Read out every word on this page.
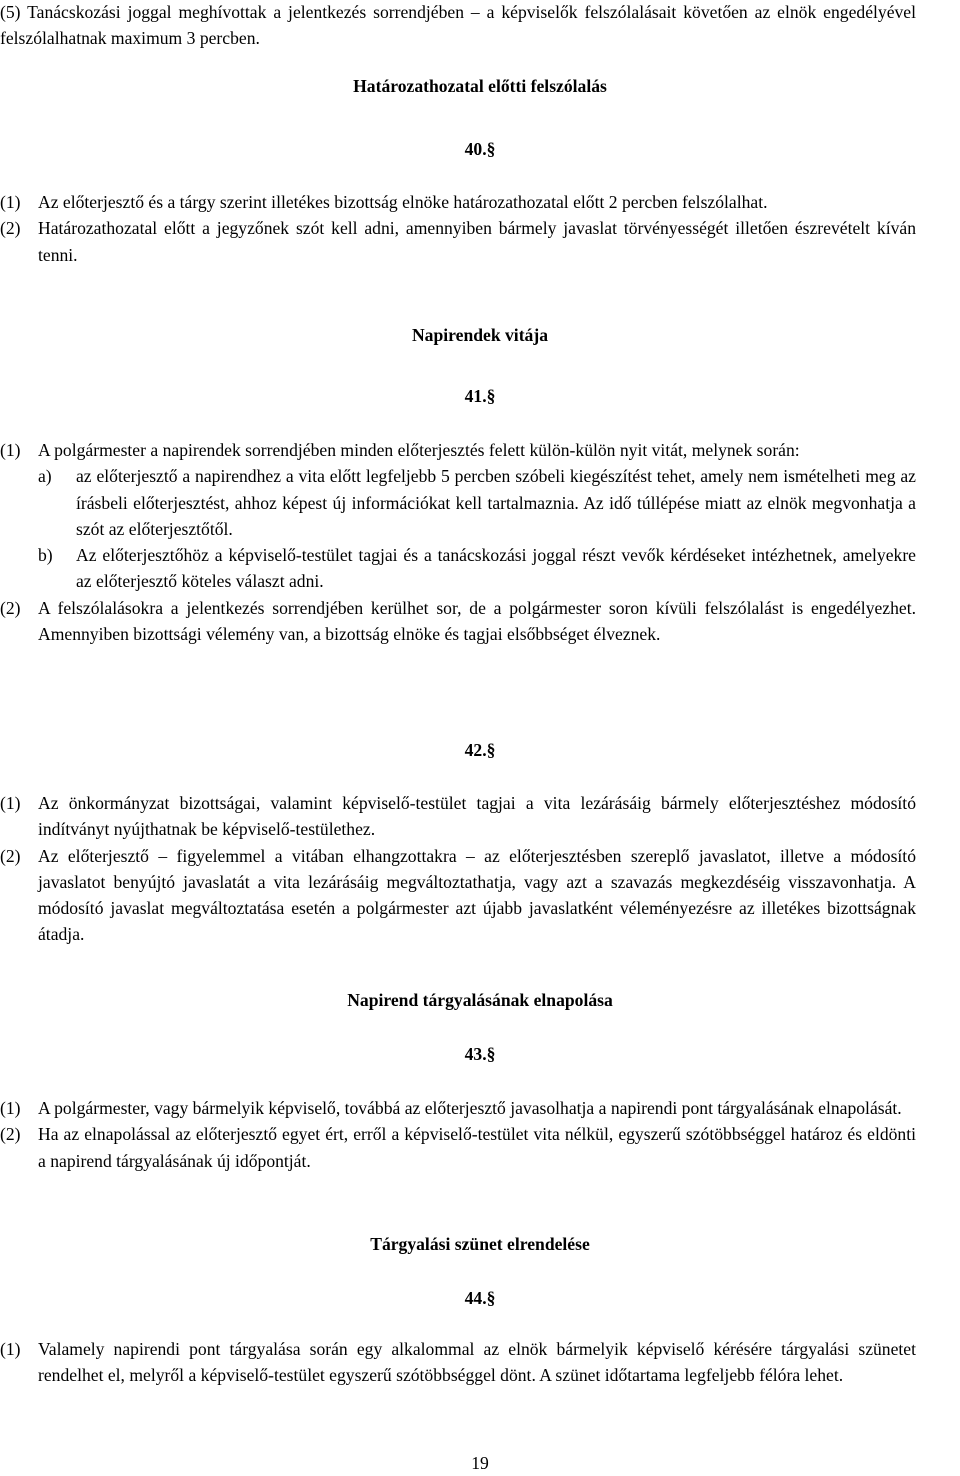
(5) Tanácskozási joggal meghívottak a jelentkezés sorrendjében – a képviselők felszólalásait követően az elnök engedélyével felszólalhatnak maximum 3 percben.

Határozathozatal előtti felszólalás

40.§

(1) Az előterjesztő és a tárgy szerint illetékes bizottság elnöke határozathozatal előtt 2 percben felszólalhat.
(2) Határozathozatal előtt a jegyzőnek szót kell adni, amennyiben bármely javaslat törvényességét illetően észrevételt kíván tenni.

Napirendek vitája

41.§

(1) A polgármester a napirendek sorrendjében minden előterjesztés felett külön-külön nyit vitát, melynek során:
a) az előterjesztő a napirendhez a vita előtt legfeljebb 5 percben szóbeli kiegészítést tehet, amely nem ismételheti meg az írásbeli előterjesztést, ahhoz képest új információkat kell tartalmaznia. Az idő túllépése miatt az elnök megvonhatja a szót az előterjesztőtől.
b) Az előterjesztőhöz a képviselő-testület tagjai és a tanácskozási joggal részt vevők kérdéseket intézhetnek, amelyekre az előterjesztő köteles választ adni.
(2) A felszólalásokra a jelentkezés sorrendjében kerülhet sor, de a polgármester soron kívüli felszólalást is engedélyezhet. Amennyiben bizottsági vélemény van, a bizottság elnöke és tagjai elsőbbséget élveznek.

42.§

(1) Az önkormányzat bizottságai, valamint képviselő-testület tagjai a vita lezárásáig bármely előterjesztéshez módosító indítványt nyújthatnak be képviselő-testülethez.
(2) Az előterjesztő – figyelemmel a vitában elhangzottakra – az előterjesztésben szereplő javaslatot, illetve a módosító javaslatot benyújtó javaslatát a vita lezárásáig megváltoztathatja, vagy azt a szavazás megkezdéséig visszavonhatja. A módosító javaslat megváltoztatása esetén a polgármester azt újabb javaslatként véleményezésre az illetékes bizottságnak átadja.

Napirend tárgyalásának elnapolása

43.§

(1) A polgármester, vagy bármelyik képviselő, továbbá az előterjesztő javasolhatja a napirendi pont tárgyalásának elnapolását.
(2) Ha az elnapolással az előterjesztő egyet ért, erről a képviselő-testület vita nélkül, egyszerű szótöbbséggel határoz és eldönti a napirend tárgyalásának új időpontját.

Tárgyalási szünet elrendelése

44.§

(1) Valamely napirendi pont tárgyalása során egy alkalommal az elnök bármelyik képviselő kérésére tárgyalási szünetet rendelhet el, melyről a képviselő-testület egyszerű szótöbbséggel dönt. A szünet időtartama legfeljebb félóra lehet.

19
